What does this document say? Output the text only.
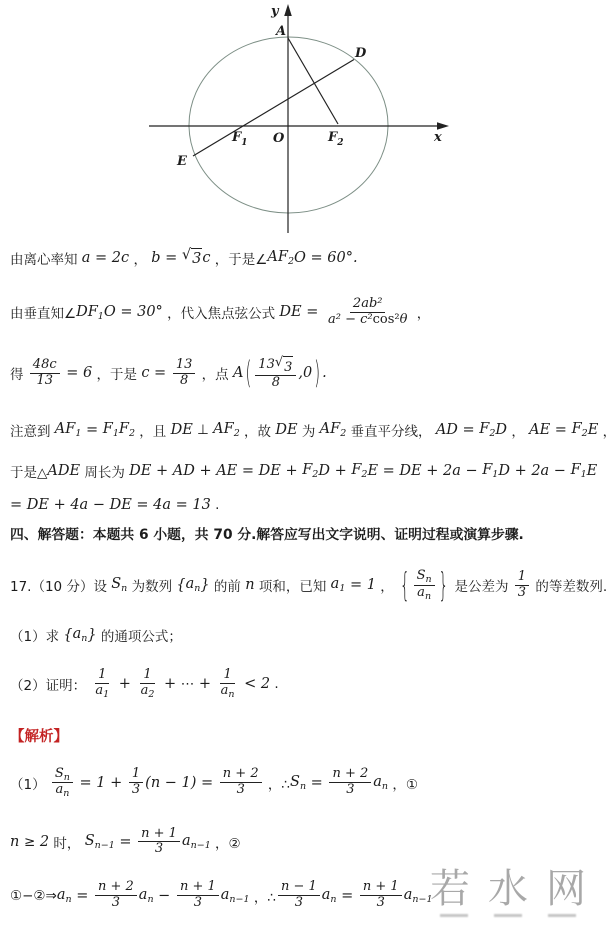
y
x
A
D
E
O
$F_1$	$F_2$
由离心率知 a = 2c ， b = √ 3 c ，于是∠ $AF_2$ O = 60°.
由垂直知∠ $DF_1$ O = 30° ，代入焦点弦公式 DE = $\frac{\text{2ab²}}{\text{a² − c² cos² θ}}$ ，
得 $\frac{48c}{13} = 6$ ，于是 $c = \frac{13}{8}$ ，点 A ( $\frac{13 √ 3}{8} ,0$ ) .
注意到 $AF_1 = F_1$ $F_2$ ，且 DE ⊥ $AF_2$ ，故 DE 为 $AF_2$ 垂直平分线， AD = $F_2$ D ， AE = $F_2$ E ，
于是△ ADE 周长为 DE + AD + AE = DE + $F_2$ $D + F_2$ E = DE + $2a - F_1$ $D + 2a - F_1$ E
= DE + 4a − DE = 4a = 13 .
四、解答题：本题共 6 小题，共 70 分.解答应写出文字说明、证明过程或演算步骤.
17.（10 分）设 $S_n$ 为数列 { $a_n$ } 的前 n 项和，已知 $a_1 = 1$ ， { $\frac{S_n}{a_n}$ } 是公差为 $\frac{1}{3}$ 的等差数列.
（1）求 { $a_n$ } 的通项公式；
（2）证明： $\frac{1}{a_1} + \frac{1}{a_2}$ + ⋯ + $\frac{1}{a_n} < 2$ .
【解析】
$(1) \frac{S_n}{a_n} = 1 + \frac{1}{3} (n - 1) = \frac{n + 2}{3}$ ，∴ $S_n = \frac{n + 2}{3} a_n$ ，①
n ≥ 2 时， $S_{n-1} = \frac{n + 1}{3} a_{n-1}$ ，②
①−②⇒ $a_n = \frac{n + 2}{3} a_n - \frac{n + 1}{3} a_{n-1}$ ，∴ $\frac{n - 1}{3} a_n = \frac{n + 1}{3} a_{n-1}$
若水网
